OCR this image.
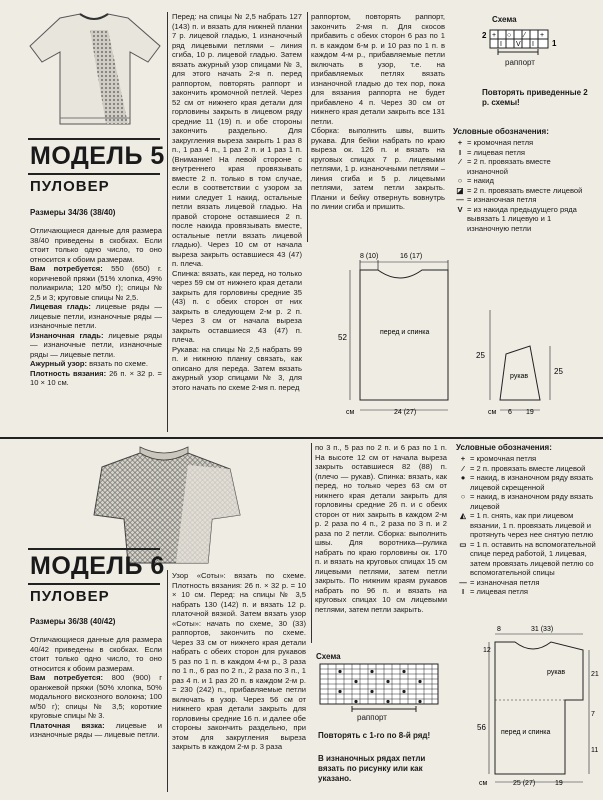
МОДЕЛЬ 5
ПУЛОВЕР
Размеры 34/36 (38/40)
Отличающиеся данные для размера 38/40 приведены в скобках. Если стоит только одно число, то оно относится к обоим размерам.
Вам потребуется: 550 (650) г. коричневой пряжи (51% хлопка, 49% полиакрила; 120 м/50 г); спицы № 2,5 и 3; круговые спицы № 2,5.
Лицевая гладь: лицевые ряды — лицевые петли, изнаночные ряды — изнаночные петли.
Изнаночная гладь: лицевые ряды — изнаночные петли, изнаночные ряды — лицевые петли.
Ажурный узор: вязать по схеме.
Плотность вязания: 26 п. × 32 р. = 10 × 10 см.
Перед: на спицы № 2,5 набрать 127 (143) п. и вязать для нижней планки 7 р. лицевой гладью, 1 изнаночный ряд лицевыми петлями – линия сгиба, 10 р. лицевой гладью. Затем вязать ажурный узор спицами № 3, для этого начать 2-я п. перед раппортом, повторять раппорт и закончить кромочной петлей. Через 52 см от нижнего края детали для горловины закрыть в лицевом ряду средние 11 (19) п. и обе стороны закончить раздельно. Для закругления выреза закрыть 1 раз 8 п., 1 раз 4 п., 1 раз 2 п. и 1 раз 1 п. (Внимание! На левой стороне с внутреннего края провязывать вместе 2 п. только в том случае, если в соответствии с узором за ними следует 1 накид, остальные петли вязать лицевой гладью. На правой стороне оставшиеся 2 п. после накида провязывать вместе, остальные петли вязать лицевой гладью). Через 10 см от начала выреза закрыть оставшиеся 43 (47) п. плеча.
Спинка: вязать, как перед, но только через 59 см от нижнего края детали закрыть для горловины средние 35 (43) п. с обеих сторон от них закрыть в следующем 2-м р. 2 п. Через 3 см от начала выреза закрыть оставшиеся 43 (47) п. плеча.
Рукава: на спицы № 2,5 набрать 99 п. и нижнюю планку связать, как описано для переда. Затем вязать ажурный узор спицами № 3, для этого начать по схеме 2-мя п. перед
раппортом, повторять раппорт, закончить 2-мя п. Для скосов прибавить с обеих сторон 6 раз по 1 п. в каждом 6-м р. и 10 раз по 1 п. в каждом 4-м р., прибавляемые петли включать в узор, т.е. на прибавляемых петлях вязать изнаночной гладью до тех пор, пока для вязания раппорта не будет прибавлено 4 п. Через 30 см от нижнего края детали закрыть все 131 петли.
Сборка: выполнить швы, вшить рукава. Для бейки набрать по краю выреза ок. 126 п. и вязать на круговых спицах 7 р. лицевыми петлями, 1 р. изнаночными петлями – линия сгиба и 5 р. лицевыми петлями, затем петли закрыть. Планки и бейку отвернуть вовнутрь по линии сгиба и пришить.
Схема
2
1
+ ○ ⁄ +
I V I
раппорт
Повторять приведенные 2 р. схемы!
Условные обозначения:
+ = кромочная петля
I = лицевая петля
⁄ = 2 п. провязать вместе изнаночной
○ = накид
◪ = 2 п. провязать вместе лицевой
— = изнаночная петля
V = из накида предыдущего ряда вывязать 1 лицевую и 1 изнаночную петли
8 (10)	16 (17)
52
перед и спинка
см	24 (27)
рукав
25
25
см 6 19
МОДЕЛЬ 6
ПУЛОВЕР
Размеры 36/38 (40/42)
Отличающиеся данные для размера 40/42 приведены в скобках. Если стоит только одно число, то оно относится к обоим размерам.
Вам потребуется: 800 (900) г оранжевой пряжи (50% хлопка, 50% модального вискозного волокна; 100 м/50 г); спицы № 3,5; короткие круговые спицы № 3.
Платочная вязка: лицевые и изнаночные ряды — лицевые петли.
Узор «Соты»: вязать по схеме. Плотность вязания: 26 п. × 32 р. = 10 × 10 см. Перед: на спицы № 3,5 набрать 130 (142) п. и вязать 12 р. платочной вязкой. Затем вязать узор «Соты»: начать по схеме, 30 (33) раппортов, закончить по схеме. Через 33 см от нижнего края детали набрать с обеих сторон для рукавов 5 раз по 1 п. в каждом 4-м р., 3 раза по 1 п., 6 раз по 2 п., 2 раза по 3 п., 1 раз 4 п. и 1 раз 20 п. в каждом 2-м р. = 230 (242) п., прибавляемые петли включать в узор. Через 56 см от нижнего края детали закрыть для горловины средние 16 п. и далее обе стороны закончить раздельно, при этом для закругления выреза закрыть в каждом 2-м р. 3 раза
по 3 п., 5 раз по 2 п. и 6 раз по 1 п. На высоте 12 см от начала выреза закрыть оставшиеся 82 (88) п. (плечо — рукав). Спинка: вязать, как перед, но только через 63 см от нижнего края детали закрыть для горловины средние 26 п. и с обеих сторон от них закрыть в каждом 2-м р. 2 раза по 4 п., 2 раза по 3 п. и 2 раза по 2 петли. Сборка: выполнить швы. Для воротника—рулика набрать по краю горловины ок. 170 п. и вязать на круговых спицах 15 см лицевыми петлями, затем петли закрыть. По нижним краям рукавов набрать по 96 п. и вязать на круговых спицах 10 см лицевыми петлями, затем петли закрыть.
Схема
раппорт
Повторять с 1-го по 8-й ряд!
В изнаночных рядах петли вязать по рисунку или как указано.
Условные обозначения:
+ = кромочная петля
⁄ = 2 п. провязать вместе лицевой
● = накид, в изнаночном ряду вязать лицевой скрещенной
○ = накид, в изнаночном ряду вязать лицевой
◭ = 1 п. снять, как при лицевом вязании, 1 п. провязать лицевой и протянуть через нее снятую петлю
▭ = 1 п. оставить на вспомогательной спице перед работой, 1 лицевая, затем провязать лицевой петлю со вспомогательной спицы
— = изнаночная петля
I = лицевая петля
31 (33)
8
рукав	21
7
12
56
перед и спинка
11
см	25 (27)	19
